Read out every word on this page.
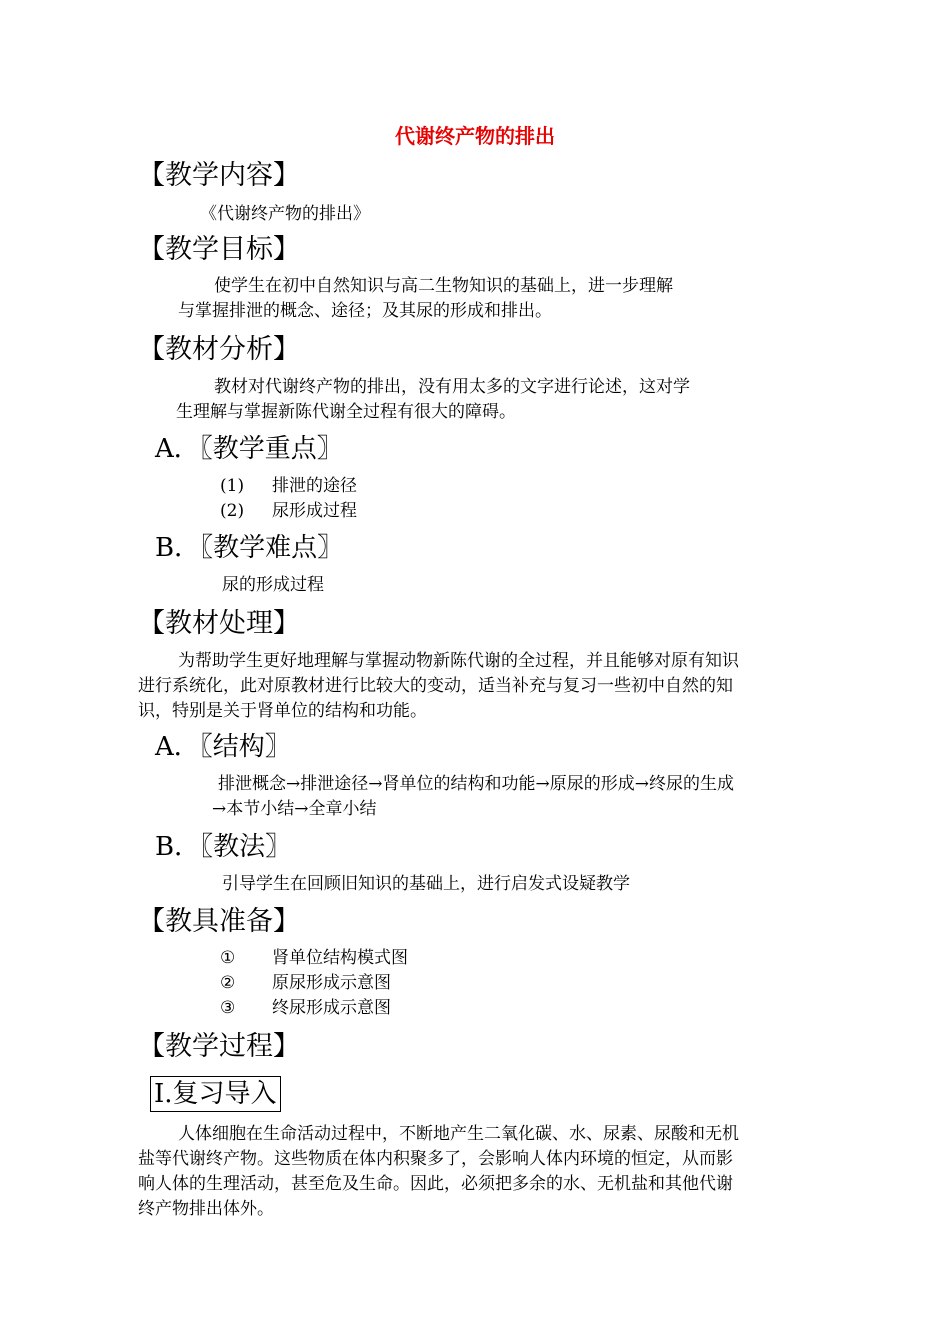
代谢终产物的排出
【教学内容】
《代谢终产物的排出》
【教学目标】
使学生在初中自然知识与高二生物知识的基础上，进一步理解
与掌握排泄的概念、途径；及其尿的形成和排出。
【教材分析】
教材对代谢终产物的排出，没有用太多的文字进行论述，这对学
生理解与掌握新陈代谢全过程有很大的障碍。
A．〖教学重点〗
(1) 排泄的途径
(2) 尿形成过程
B．〖教学难点〗
尿的形成过程
【教材处理】
为帮助学生更好地理解与掌握动物新陈代谢的全过程，并且能够对原有知识
进行系统化，此对原教材进行比较大的变动，适当补充与复习一些初中自然的知
识，特别是关于肾单位的结构和功能。
A．〖结构〗
排泄概念→排泄途径→肾单位的结构和功能→原尿的形成→终尿的生成
→本节小结→全章小结
B．〖教法〗
引导学生在回顾旧知识的基础上，进行启发式设疑教学
【教具准备】
① 肾单位结构模式图
② 原尿形成示意图
③ 终尿形成示意图
【教学过程】
Ⅰ.复习导入
人体细胞在生命活动过程中，不断地产生二氧化碳、水、尿素、尿酸和无机
盐等代谢终产物。这些物质在体内积聚多了，会影响人体内环境的恒定，从而影
响人体的生理活动，甚至危及生命。因此，必须把多余的水、无机盐和其他代谢
终产物排出体外。
